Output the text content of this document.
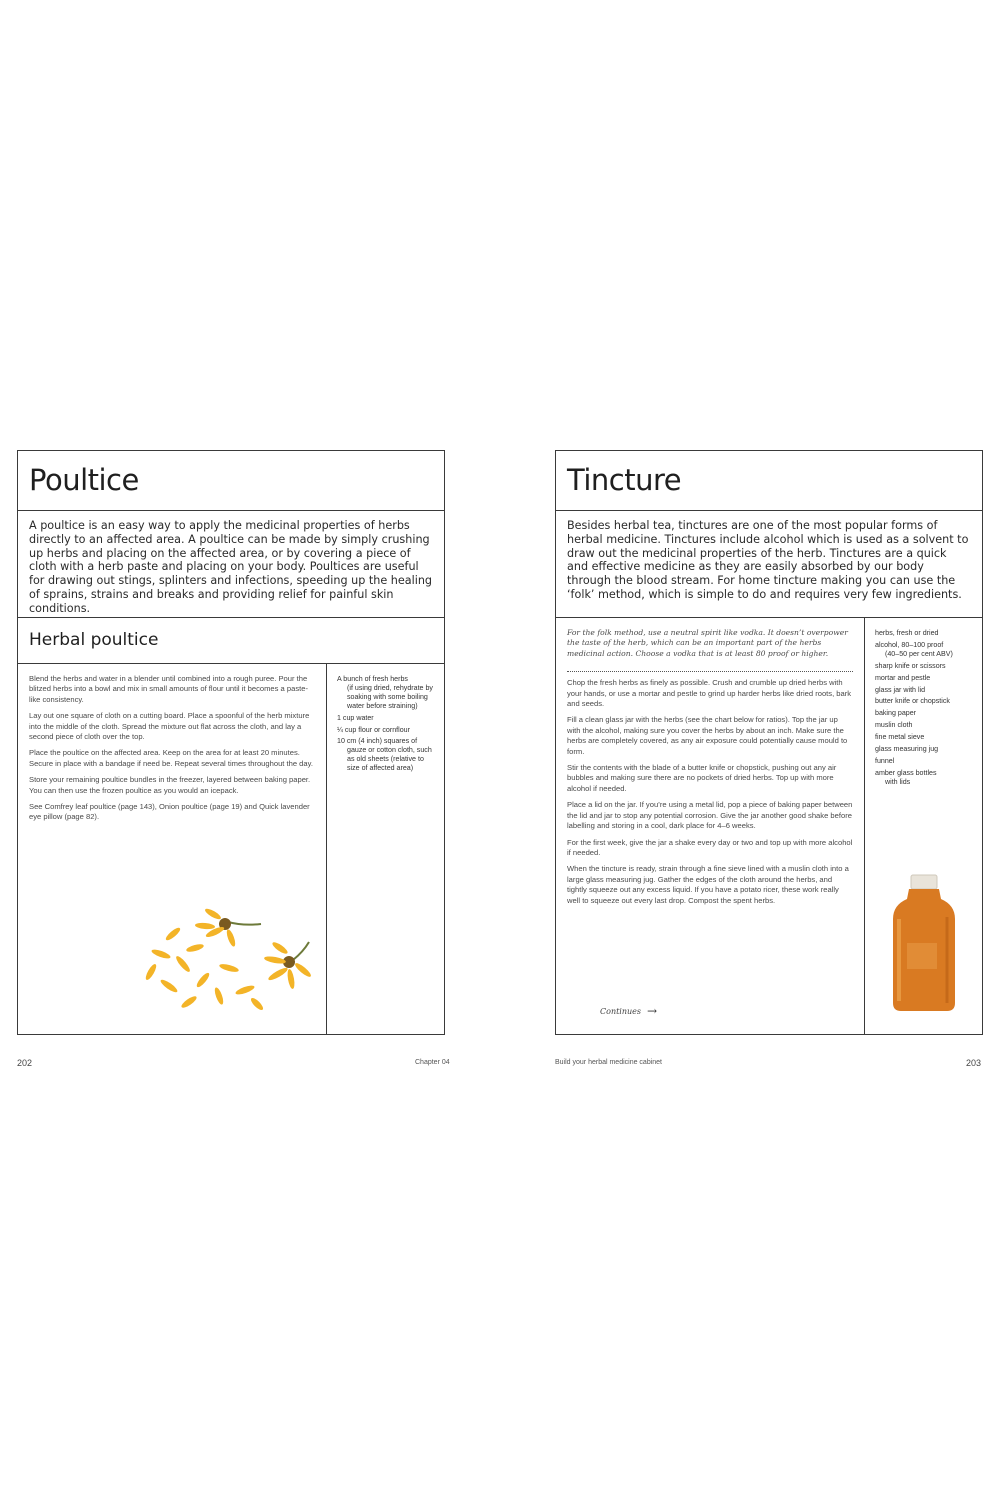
Poultice
A poultice is an easy way to apply the medicinal properties of herbs directly to an affected area. A poultice can be made by simply crushing up herbs and placing on the affected area, or by covering a piece of cloth with a herb paste and placing on your body. Poultices are useful for drawing out stings, splinters and infections, speeding up the healing of sprains, strains and breaks and providing relief for painful skin conditions.
Herbal poultice

Blend the herbs and water in a blender until combined into a rough puree. Pour the blitzed herbs into a bowl and mix in small amounts of flour until it becomes a paste-like consistency.

Lay out one square of cloth on a cutting board. Place a spoonful of the herb mixture into the middle of the cloth. Spread the mixture out flat across the cloth, and lay a second piece of cloth over the top.

Place the poultice on the affected area. Keep on the area for at least 20 minutes. Secure in place with a bandage if need be. Repeat several times throughout the day.

Store your remaining poultice bundles in the freezer, layered between baking paper. You can then use the frozen poultice as you would an icepack.

See Comfrey leaf poultice (page 143), Onion poultice (page 19) and Quick lavender eye pillow (page 82).

A bunch of fresh herbs
(if using dried, rehydrate by soaking with some boiling water before straining)
1 cup water
¼ cup flour or cornflour
10 cm (4 inch) squares of
gauze or cotton cloth, such as old sheets (relative to size of affected area)
202	Chapter 04
Tincture
Besides herbal tea, tinctures are one of the most popular forms of herbal medicine. Tinctures include alcohol which is used as a solvent to draw out the medicinal properties of the herb. Tinctures are a quick and effective medicine as they are easily absorbed by our body through the blood stream. For home tincture making you can use the ‘folk’ method, which is simple to do and requires very few ingredients.

For the folk method, use a neutral spirit like vodka. It doesn’t overpower the taste of the herb, which can be an important part of the herbs medicinal action. Choose a vodka that is at least 80 proof or higher.

Chop the fresh herbs as finely as possible. Crush and crumble up dried herbs with your hands, or use a mortar and pestle to grind up harder herbs like dried roots, bark and seeds.

Fill a clean glass jar with the herbs (see the chart below for ratios). Top the jar up with the alcohol, making sure you cover the herbs by about an inch. Make sure the herbs are completely covered, as any air exposure could potentially cause mould to form.

Stir the contents with the blade of a butter knife or chopstick, pushing out any air bubbles and making sure there are no pockets of dried herbs. Top up with more alcohol if needed.

Place a lid on the jar. If you’re using a metal lid, pop a piece of baking paper between the lid and jar to stop any potential corrosion. Give the jar another good shake before labelling and storing in a cool, dark place for 4–6 weeks.

For the first week, give the jar a shake every day or two and top up with more alcohol if needed.

When the tincture is ready, strain through a fine sieve lined with a muslin cloth into a large glass measuring jug. Gather the edges of the cloth around the herbs, and tightly squeeze out any excess liquid. If you have a potato ricer, these work really well to squeeze out every last drop. Compost the spent herbs.

Continues →
herbs, fresh or dried
alcohol, 80–100 proof
(40–50 per cent ABV)
sharp knife or scissors
mortar and pestle
glass jar with lid
butter knife or chopstick
baking paper
muslin cloth
fine metal sieve
glass measuring jug
funnel
amber glass bottles
with lids
Build your herbal medicine cabinet	203
